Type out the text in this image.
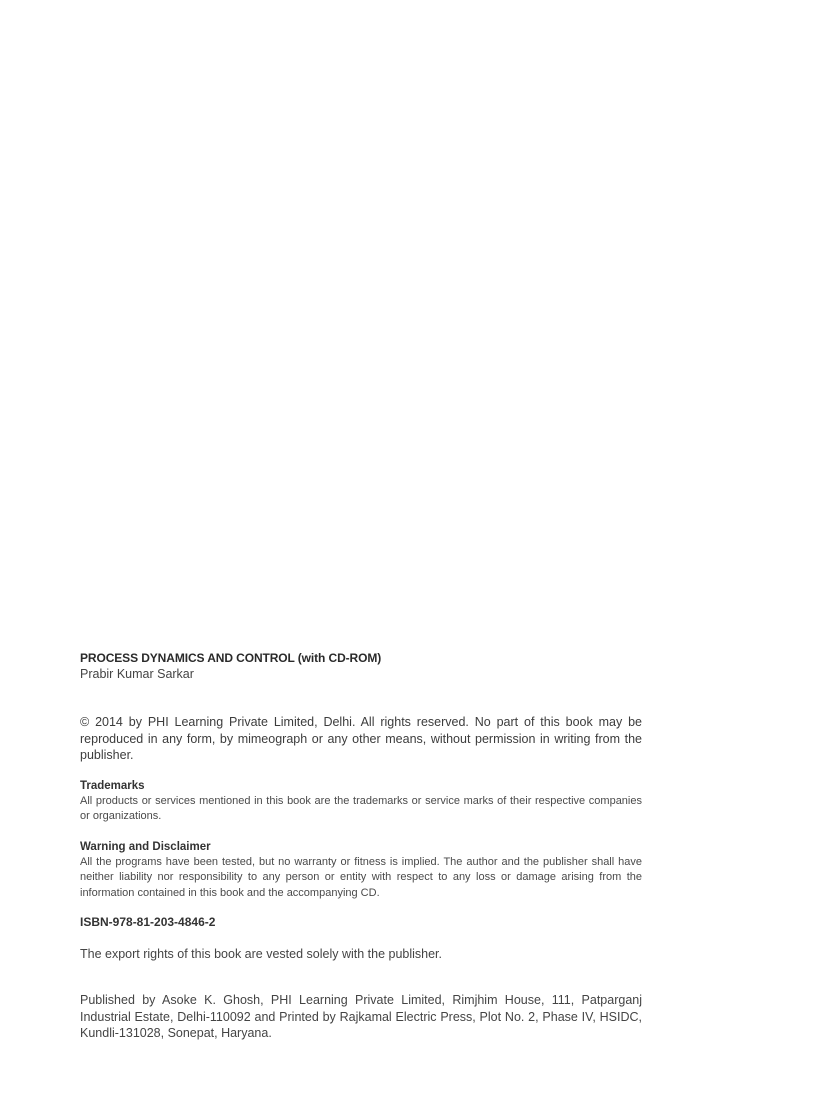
PROCESS DYNAMICS AND CONTROL (with CD-ROM)

Prabir Kumar Sarkar

© 2014 by PHI Learning Private Limited, Delhi. All rights reserved. No part of this book may be reproduced in any form, by mimeograph or any other means, without permission in writing from the publisher.

Trademarks

All products or services mentioned in this book are the trademarks or service marks of their respective companies or organizations.

Warning and Disclaimer

All the programs have been tested, but no warranty or fitness is implied. The author and the publisher shall have neither liability nor responsibility to any person or entity with respect to any loss or damage arising from the information contained in this book and the accompanying CD.

ISBN-978-81-203-4846-2

The export rights of this book are vested solely with the publisher.

Published by Asoke K. Ghosh, PHI Learning Private Limited, Rimjhim House, 111, Patparganj Industrial Estate, Delhi-110092 and Printed by Rajkamal Electric Press, Plot No. 2, Phase IV, HSIDC, Kundli-131028, Sonepat, Haryana.
